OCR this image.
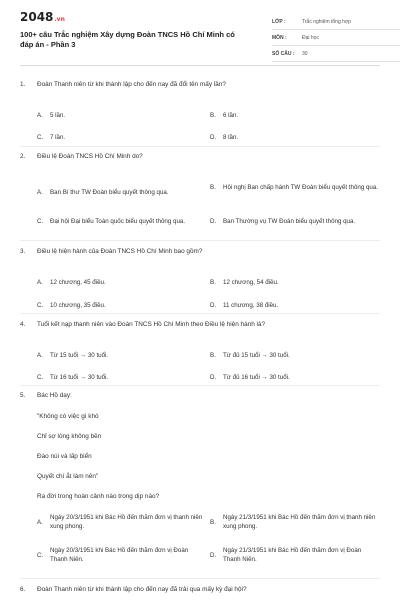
2048.vn
100+ câu Trắc nghiệm Xây dựng Đoàn TNCS Hồ Chí Minh có đáp án - Phần 3
LỚP :	Trắc nghiệm tổng hợp
MÔN :	Đại học
SỐ CÂU :	30
1.	Đoàn Thanh niên từ khi thành lập cho đến nay đã đổi tên mấy lần?
A.	5 lần.	B.	6 lần.
C.	7 lần.	D.	8 lần.
2.	Điều lệ Đoàn TNCS Hồ Chí Minh do?
A.	Ban Bí thư TW Đoàn biểu quyết thông qua.
B.	Hội nghị Ban chấp hành TW Đoàn biểu quyết thông qua.
C.	Đại hội Đại biểu Toàn quốc biểu quyết thông qua.	D.	Ban Thường vụ TW Đoàn biểu quyết thông qua.
3.	Điều lệ hiện hành của Đoàn TNCS Hồ Chí Minh bao gồm?
A.	12 chương, 45 điều.	B.	12 chương, 54 điều.
C.	10 chương, 35 điều.	D.	11 chương, 38 điều.
4.	Tuổi kết nạp thanh niên vào Đoàn TNCS Hồ Chí Minh theo Điều lệ hiện hành là?
A.	Từ 15 tuổi → 30 tuổi.	B.	Từ đủ 15 tuổi → 30 tuổi.
C.	Từ 16 tuổi → 30 tuổi.	D.	Từ đủ 16 tuổi → 30 tuổi.
5.	Bác Hồ dạy:
"Không có việc gì khó
Chỉ sợ lòng không bền
Đào núi và lấp biển
Quyết chí ắt làm nên"
Ra đời trong hoàn cảnh nào trong dịp nào?
A.
Ngày 20/3/1951 khi Bác Hồ đến thăm đơn vị thanh niên xung phong.
B.
Ngày 21/3/1951 khi Bác Hồ đến thăm đơn vị thanh niên xung phong.
C.
Ngày 20/3/1951 khi Bác Hồ đến thăm đơn vị Đoàn Thanh Niên.
D.
Ngày 21/3/1951 khi Bác Hồ đến thăm đơn vị Đoàn Thanh Niên.
6.	Đoàn Thanh niên từ khi thành lập cho đến nay đã trải qua mấy kỳ đại hội?
